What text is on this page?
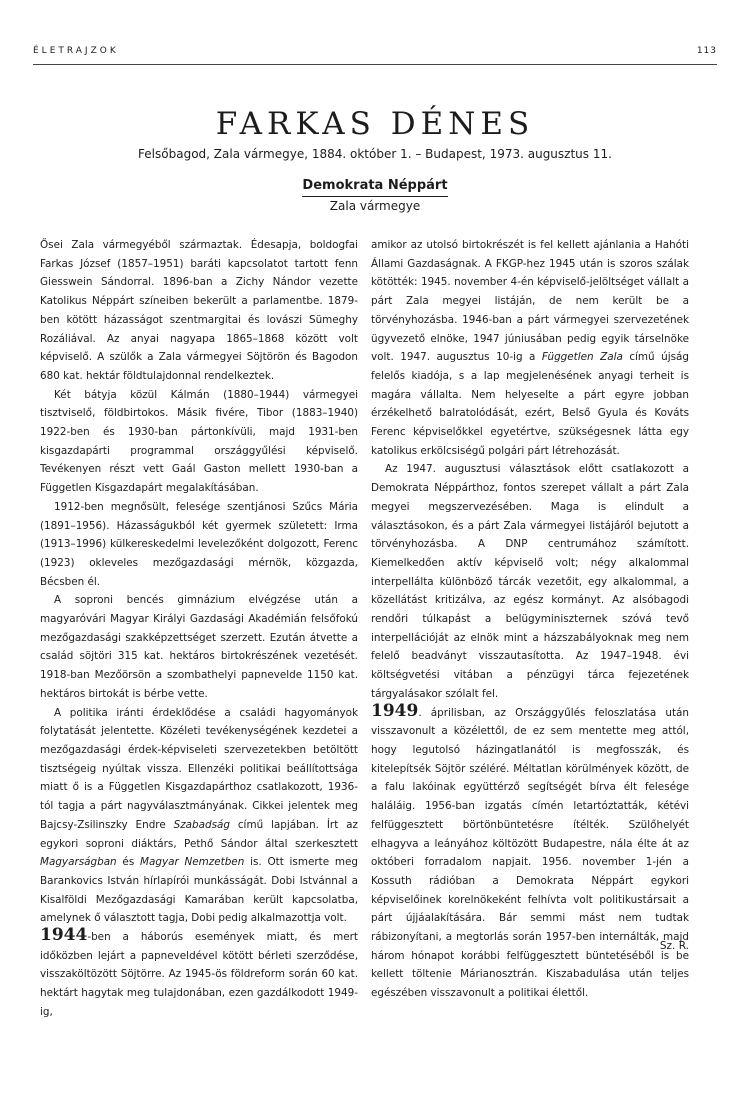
ÉLETRAJZOK	113
FARKAS DÉNES
Felsőbagod, Zala vármegye, 1884. október 1. – Budapest, 1973. augusztus 11.
Demokrata Néppárt
Zala vármegye

Ősei Zala vármegyéből származtak. Édesapja, boldogfai Farkas József (1857–1951) baráti kapcsolatot tartott fenn Giesswein Sándorral. 1896-ban a Zichy Nándor vezette Katolikus Néppárt színeiben bekerült a parlamentbe. 1879-ben kötött házasságot szentmargitai és lovászi Sümeghy Rozáliával. Az anyai nagyapa 1865–1868 között volt képviselő. A szülők a Zala vármegyei Söjtörön és Bagodon 680 kat. hektár földtulajdonnal rendelkeztek.

Két bátyja közül Kálmán (1880–1944) vármegyei tisztviselő, földbirtokos. Másik fivére, Tibor (1883–1940) 1922-ben és 1930-ban pártonkívüli, majd 1931-ben kisgazdapárti programmal országgyűlési képviselő. Tevékenyen részt vett Gaál Gaston mellett 1930-ban a Független Kisgazdapárt megalakításában.

1912-ben megnősült, felesége szentjánosi Szűcs Mária (1891–1956). Házasságukból két gyermek született: Irma (1913–1996) külkereskedelmi levelezőként dolgozott, Ferenc (1923) okleveles mezőgazdasági mérnök, közgazda, Bécsben él.

A soproni bencés gimnázium elvégzése után a magyaróvári Magyar Királyi Gazdasági Akadémián felsőfokú mezőgazdasági szakképzettséget szerzett. Ezután átvette a család söjtöri 315 kat. hektáros birtokrészének vezetését. 1918-ban Mezőörsön a szombathelyi papnevelde 1150 kat. hektáros birtokát is bérbe vette.

A politika iránti érdeklődése a családi hagyományok folytatását jelentette. Közéleti tevékenységének kezdetei a mezőgazdasági érdek-képviseleti szervezetekben betöltött tisztségeig nyúltak vissza. Ellenzéki politikai beállítottsága miatt ő is a Független Kisgazdapárthoz csatlakozott, 1936-tól tagja a párt nagyválasztmányának. Cikkei jelentek meg Bajcsy-Zsilinszky Endre Szabadság című lapjában. Írt az egykori soproni diáktárs, Pethő Sándor által szerkesztett Magyarságban és Magyar Nemzetben is. Ott ismerte meg Barankovics István hírlapírói munkásságát. Dobi Istvánnal a Kisalföldi Mezőgazdasági Kamarában került kapcsolatba, amelynek ő választott tagja, Dobi pedig alkalmazottja volt.

1944-ben a háborús események miatt, és mert időközben lejárt a papneveldével kötött bérleti szerződése, visszaköltözött Söjtörre. Az 1945-ös földreform során 60 kat. hektárt hagytak meg tulajdonában, ezen gazdálkodott 1949-ig,

amikor az utolsó birtokrészét is fel kellett ajánlania a Hahóti Állami Gazdaságnak. A FKGP-hez 1945 után is szoros szálak kötötték: 1945. november 4-én képviselő-jelöltséget vállalt a párt Zala megyei listáján, de nem került be a törvényhozásba. 1946-ban a párt vármegyei szervezetének ügyvezető elnöke, 1947 júniusában pedig egyik társelnöke volt. 1947. augusztus 10-ig a Független Zala című újság felelős kiadója, s a lap megjelenésének anyagi terheit is magára vállalta. Nem helyeselte a párt egyre jobban érzékelhető balratolódását, ezért, Belső Gyula és Kováts Ferenc képviselőkkel egyetértve, szükségesnek látta egy katolikus erkölcsiségű polgári párt létrehozását.

Az 1947. augusztusi választások előtt csatlakozott a Demokrata Néppárthoz, fontos szerepet vállalt a párt Zala megyei megszervezésében. Maga is elindult a választásokon, és a párt Zala vármegyei listájáról bejutott a törvényhozásba. A DNP centrumához számított. Kiemelkedően aktív képviselő volt; négy alkalommal interpellálta különböző tárcák vezetőit, egy alkalommal, a közellátást kritizálva, az egész kormányt. Az alsóbagodi rendőri túlkapást a belügyminiszternek szóvá tevő interpellációját az elnök mint a házszabályoknak meg nem felelő beadványt visszautasította. Az 1947–1948. évi költségvetési vitában a pénzügyi tárca fejezetének tárgyalásakor szólalt fel.

1949. áprilisban, az Országgyűlés feloszlatása után visszavonult a közélettől, de ez sem mentette meg attól, hogy legutolsó házingatlanától is megfosszák, és kitelepítsék Söjtör széléré. Méltatlan körülmények között, de a falu lakóinak együttérző segítségét bírva élt felesége haláláig. 1956-ban izgatás címén letartóztatták, kétévi felfüggesztett börtönbüntetésre ítélték. Szülőhelyét elhagyva a leányához költözött Budapestre, nála élte át az októberi forradalom napjait. 1956. november 1-jén a Kossuth rádióban a Demokrata Néppárt egykori képviselőinek korelnökeként felhívta volt politikustársait a párt újjáalakítására. Bár semmi mást nem tudtak rábizonyítani, a megtorlás során 1957-ben internálták, majd három hónapot korábbi felfüggesztett büntetéséből is be kellett töltenie Márianosztrán. Kiszabadulása után teljes egészében visszavonult a politikai élettől.

Sz. R.
